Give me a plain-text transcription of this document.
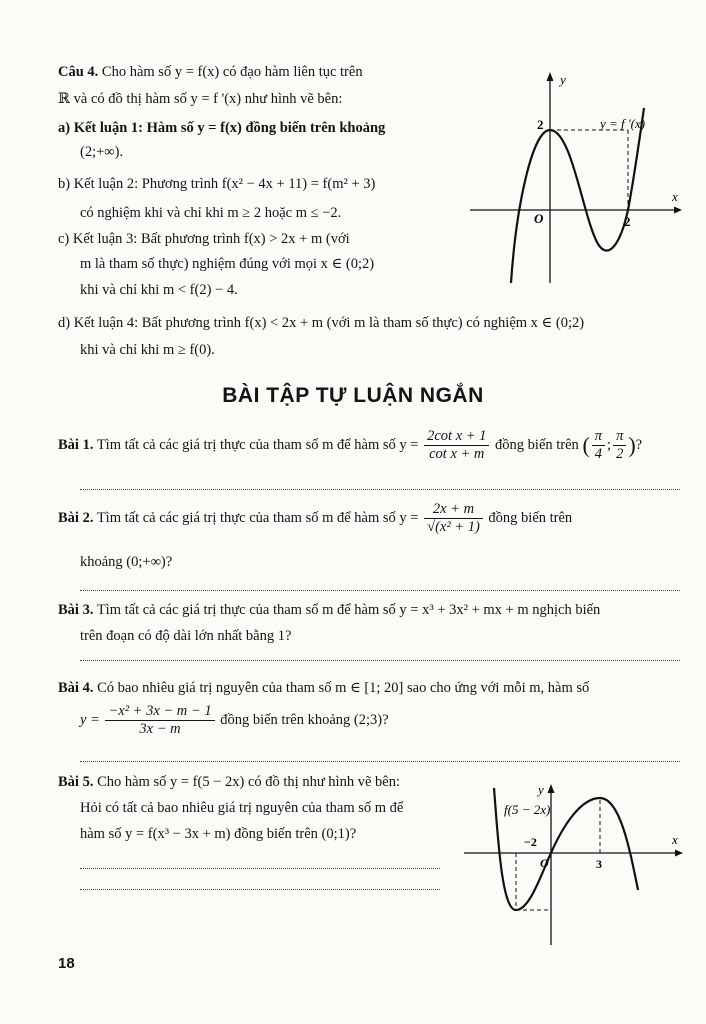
Câu 4. Cho hàm số y = f(x) có đạo hàm liên tục trên
ℝ và có đồ thị hàm số y = f '(x) như hình vẽ bên:
a) Kết luận 1: Hàm số y = f(x) đồng biến trên khoảng
(2;+∞).
b) Kết luận 2: Phương trình f(x² − 4x + 11) = f(m² + 3)
có nghiệm khi và chỉ khi m ≥ 2 hoặc m ≤ −2.
c) Kết luận 3: Bất phương trình f(x) > 2x + m (với
m là tham số thực) nghiệm đúng với mọi x ∈ (0;2)
khi và chỉ khi m < f(2) − 4.
d) Kết luận 4: Bất phương trình f(x) < 2x + m (với m là tham số thực) có nghiệm x ∈ (0;2)
khi và chỉ khi m ≥ f(0).
y
x
2
2
O
y = f '(x)
BÀI TẬP TỰ LUẬN NGẮN
Bài 1. Tìm tất cả các giá trị thực của tham số m để hàm số $y = \frac{\text{2cot x + 1}}{\text{cot x + m}}$ đồng biến trên ( $\frac{\pi}{4}$ ; $\frac{\pi}{2}$ )?
Bài 2. Tìm tất cả các giá trị thực của tham số m để hàm số $y = \frac{2x + m}{\text{√(x² + 1)}}$ đồng biến trên
khoảng (0;+∞)?
Bài 3. Tìm tất cả các giá trị thực của tham số m để hàm số y = x³ + 3x² + mx + m nghịch biến
trên đoạn có độ dài lớn nhất bằng 1?
Bài 4. Có bao nhiêu giá trị nguyên của tham số m ∈ [1; 20] sao cho ứng với mỗi m, hàm số
$y = \frac{\text{−x² + 3x − m − 1}}{3x - m}$ đồng biến trên khoảng (2;3)?
Bài 5. Cho hàm số y = f(5 − 2x) có đồ thị như hình vẽ bên:
Hỏi có tất cả bao nhiêu giá trị nguyên của tham số m để
hàm số y = f(x³ − 3x + m) đồng biến trên (0;1)?
y
x
f(5 − 2x)
−2
3
O
18
